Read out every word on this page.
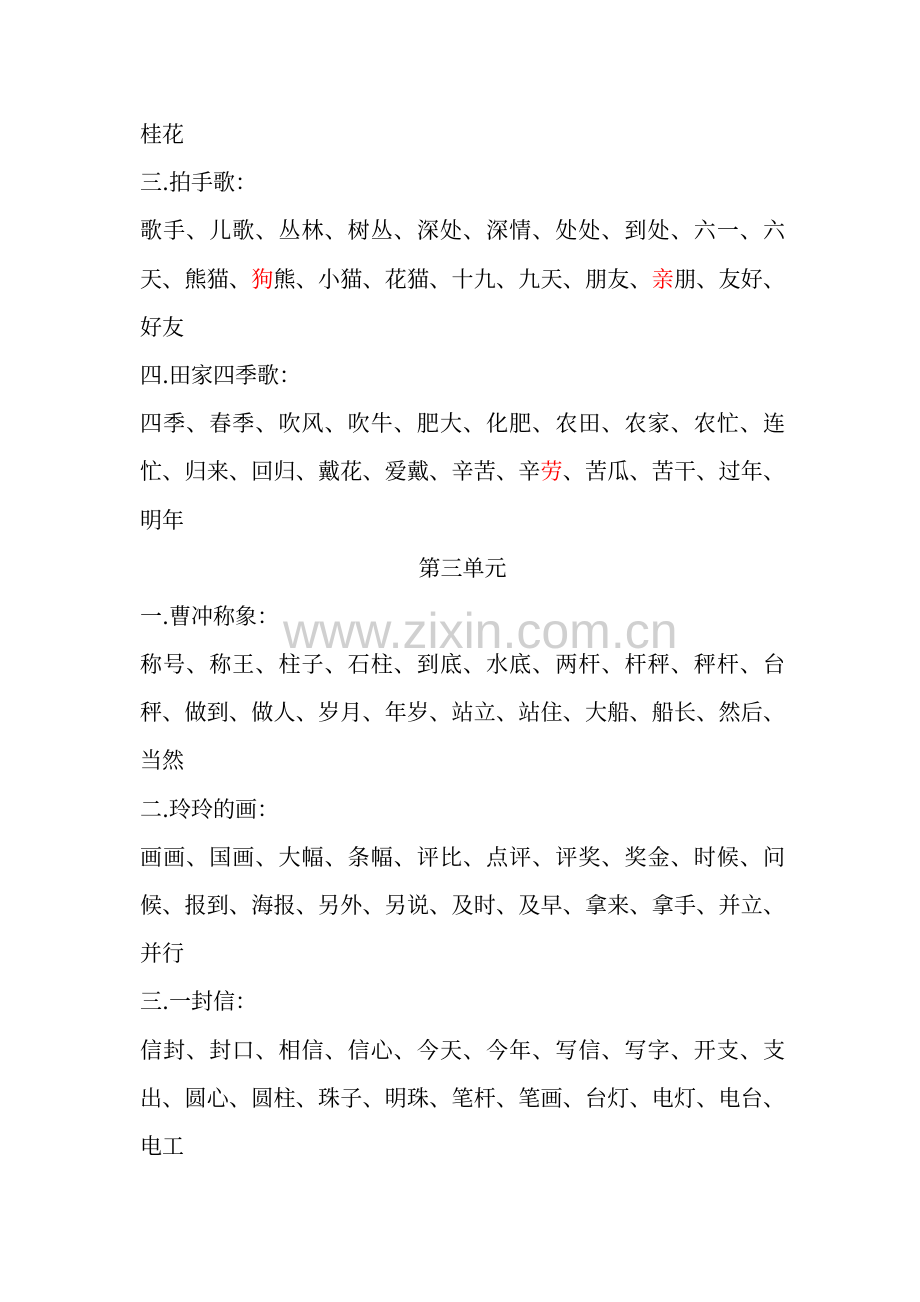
www.zixin.com.cn
桂花
三.拍手歌：
歌手、儿歌、丛林、树丛、深处、深情、处处、到处、六一、六
天、熊猫、狗熊、小猫、花猫、十九、九天、朋友、亲朋、友好、
好友
四.田家四季歌：
四季、春季、吹风、吹牛、肥大、化肥、农田、农家、农忙、连
忙、归来、回归、戴花、爱戴、辛苦、辛劳、苦瓜、苦干、过年、
明年
第三单元
一.曹冲称象：
称号、称王、柱子、石柱、到底、水底、两杆、杆秤、秤杆、台
秤、做到、做人、岁月、年岁、站立、站住、大船、船长、然后、
当然
二.玲玲的画：
画画、国画、大幅、条幅、评比、点评、评奖、奖金、时候、问
候、报到、海报、另外、另说、及时、及早、拿来、拿手、并立、
并行
三.一封信：
信封、封口、相信、信心、今天、今年、写信、写字、开支、支
出、圆心、圆柱、珠子、明珠、笔杆、笔画、台灯、电灯、电台、
电工
